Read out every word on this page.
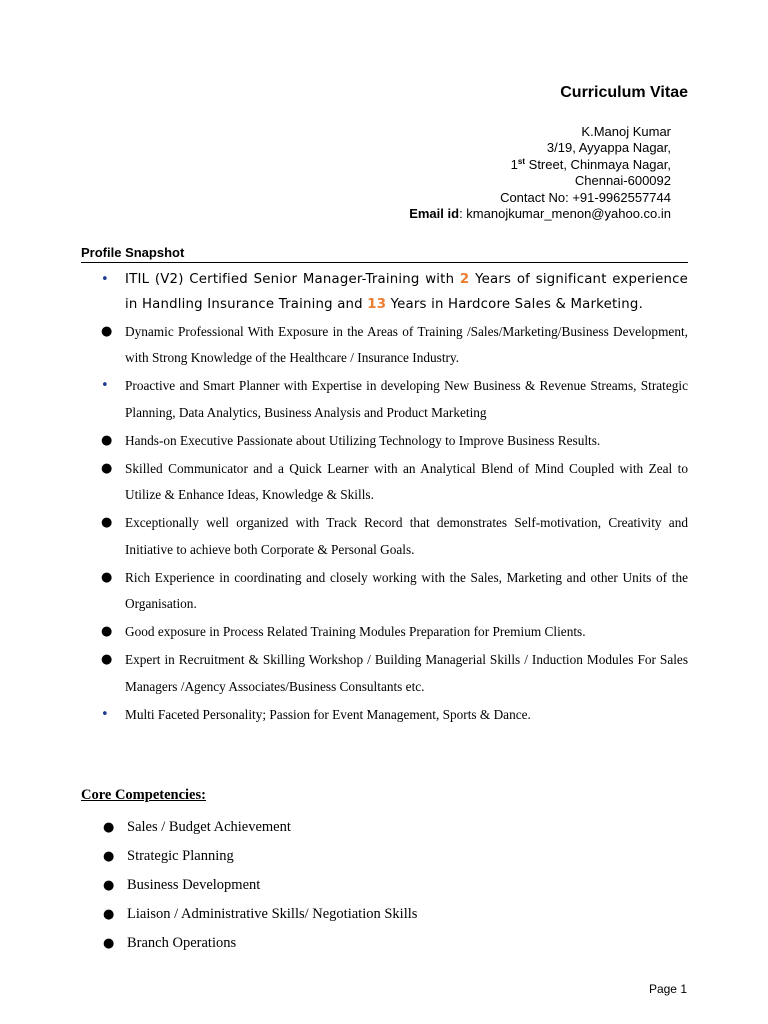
Curriculum Vitae
K.Manoj Kumar
3/19, Ayyappa Nagar,
1st Street, Chinmaya Nagar,
Chennai-600092
Contact No: +91-9962557744
Email id: kmanojkumar_menon@yahoo.co.in
Profile Snapshot
• ITIL (V2) Certified Senior Manager-Training with 2 Years of significant experience in Handling Insurance Training and 13 Years in Hardcore Sales & Marketing.
● Dynamic Professional With Exposure in the Areas of Training /Sales/Marketing/Business Development, with Strong Knowledge of the Healthcare / Insurance Industry.
• Proactive and Smart Planner with Expertise in developing New Business & Revenue Streams, Strategic Planning, Data Analytics, Business Analysis and Product Marketing
● Hands-on Executive Passionate about Utilizing Technology to Improve Business Results.
● Skilled Communicator and a Quick Learner with an Analytical Blend of Mind Coupled with Zeal to Utilize & Enhance Ideas, Knowledge & Skills.
● Exceptionally well organized with Track Record that demonstrates Self-motivation, Creativity and Initiative to achieve both Corporate & Personal Goals.
● Rich Experience in coordinating and closely working with the Sales, Marketing and other Units of the Organisation.
● Good exposure in Process Related Training Modules Preparation for Premium Clients.
● Expert in Recruitment & Skilling Workshop / Building Managerial Skills / Induction Modules For Sales Managers /Agency Associates/Business Consultants etc.
• Multi Faceted Personality; Passion for Event Management, Sports & Dance.
Core Competencies:
● Sales / Budget Achievement
● Strategic Planning
● Business Development
● Liaison / Administrative Skills/ Negotiation Skills
● Branch Operations
Page 1
